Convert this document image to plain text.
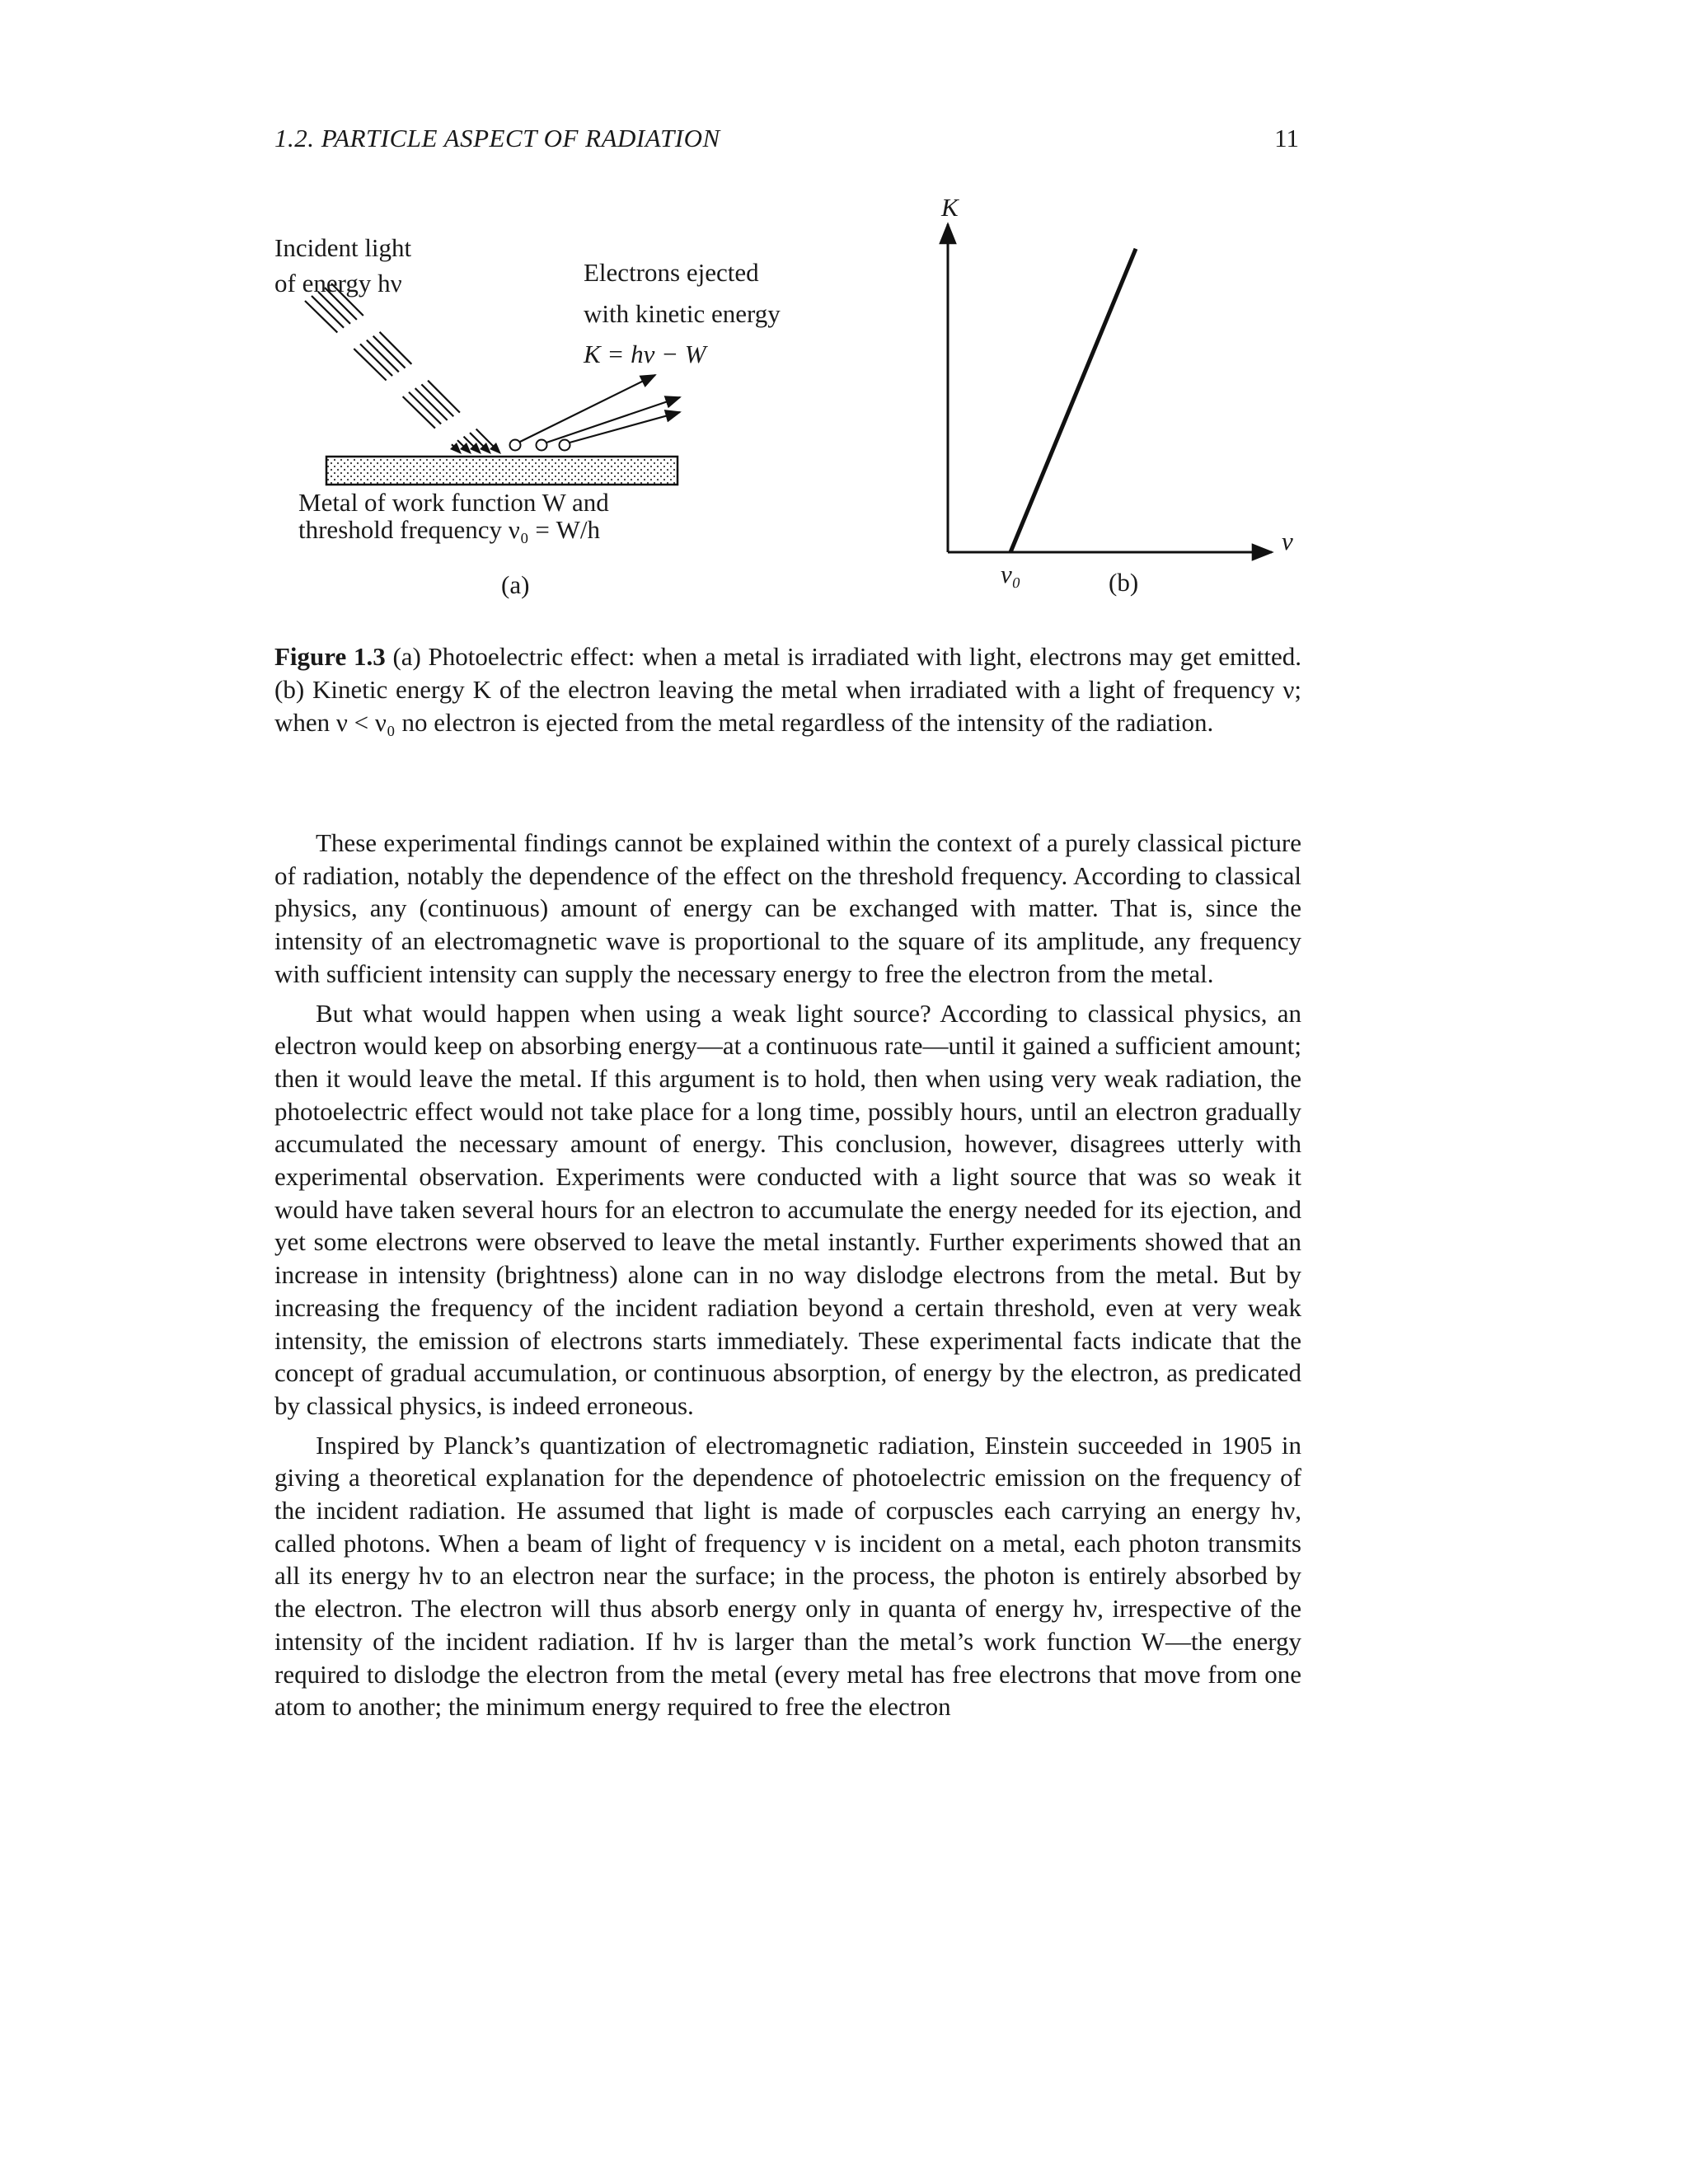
1.2. PARTICLE ASPECT OF RADIATION	11
Incident light
of energy hν	Electrons ejected
with kinetic energy
K = hν − W
Metal of work function W and
threshold frequency ν₀ = W/h
(a)
K
ν
ν₀	(b)
Figure 1.3 (a) Photoelectric effect: when a metal is irradiated with light, electrons may get emitted. (b) Kinetic energy K of the electron leaving the metal when irradiated with a light of frequency ν; when ν < ν₀ no electron is ejected from the metal regardless of the intensity of the radiation.

These experimental findings cannot be explained within the context of a purely classical picture of radiation, notably the dependence of the effect on the threshold frequency. According to classical physics, any (continuous) amount of energy can be exchanged with matter. That is, since the intensity of an electromagnetic wave is proportional to the square of its amplitude, any frequency with sufficient intensity can supply the necessary energy to free the electron from the metal.

But what would happen when using a weak light source? According to classical physics, an electron would keep on absorbing energy—at a continuous rate—until it gained a sufficient amount; then it would leave the metal. If this argument is to hold, then when using very weak radiation, the photoelectric effect would not take place for a long time, possibly hours, until an electron gradually accumulated the necessary amount of energy. This conclusion, however, disagrees utterly with experimental observation. Experiments were conducted with a light source that was so weak it would have taken several hours for an electron to accumulate the energy needed for its ejection, and yet some electrons were observed to leave the metal instantly. Further experiments showed that an increase in intensity (brightness) alone can in no way dislodge electrons from the metal. But by increasing the frequency of the incident radiation beyond a certain threshold, even at very weak intensity, the emission of electrons starts immediately. These experimental facts indicate that the concept of gradual accumulation, or continuous absorption, of energy by the electron, as predicated by classical physics, is indeed erroneous.

Inspired by Planck’s quantization of electromagnetic radiation, Einstein succeeded in 1905 in giving a theoretical explanation for the dependence of photoelectric emission on the frequency of the incident radiation. He assumed that light is made of corpuscles each carrying an energy hν, called photons. When a beam of light of frequency ν is incident on a metal, each photon transmits all its energy hν to an electron near the surface; in the process, the photon is entirely absorbed by the electron. The electron will thus absorb energy only in quanta of energy hν, irrespective of the intensity of the incident radiation. If hν is larger than the metal’s work function W—the energy required to dislodge the electron from the metal (every metal has free electrons that move from one atom to another; the minimum energy required to free the electron
